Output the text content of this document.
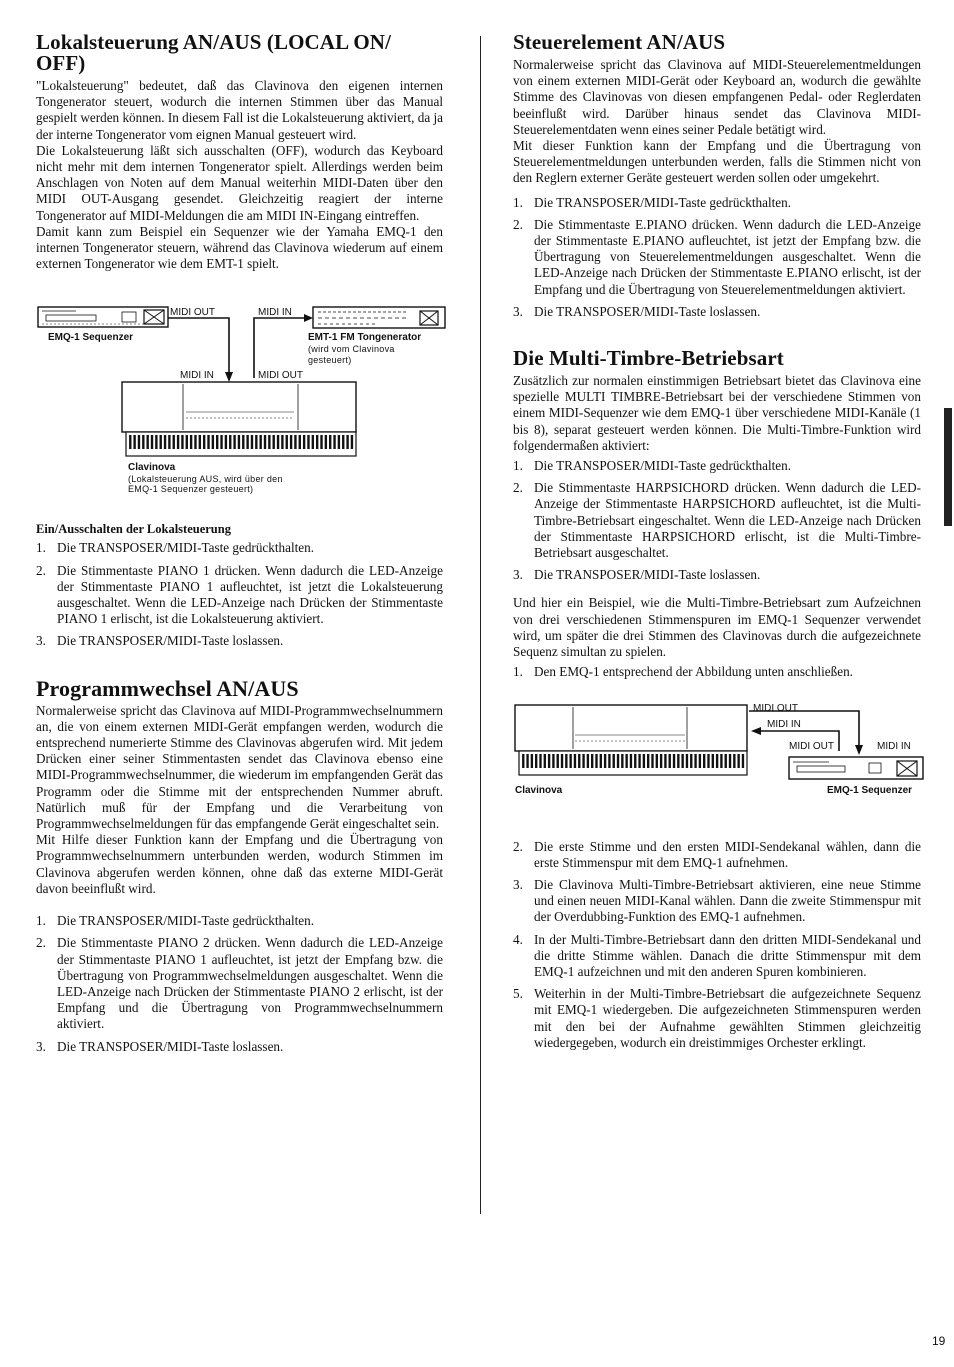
Lokalsteuerung AN/AUS (LOCAL ON/ OFF)

"Lokalsteuerung" bedeutet, daß das Clavinova den eigenen internen Tongenerator steuert, wodurch die internen Stimmen über das Manual gespielt werden können. In diesem Fall ist die Lokalsteuerung aktiviert, da ja der interne Tongenerator vom eignen Manual gesteuert wird.

Die Lokalsteuerung läßt sich ausschalten (OFF), wodurch das Keyboard nicht mehr mit dem internen Tongenerator spielt. Allerdings werden beim Anschlagen von Noten auf dem Manual weiterhin MIDI-Daten über den MIDI OUT-Ausgang gesendet. Gleichzeitig reagiert der interne Tongenerator auf MIDI-Meldungen die am MIDI IN-Eingang eintreffen.

Damit kann zum Beispiel ein Sequenzer wie der Yamaha EMQ-1 den internen Tongenerator steuern, während das Clavinova wiederum auf einem externen Tongenerator wie dem EMT-1 spielt.

MIDI OUT	MIDI IN
EMQ-1 Sequenzer	EMT-1 FM Tongenerator
(wird vom Clavinova
gesteuert)
MIDI IN	MIDI OUT
Clavinova
(Lokalsteuerung AUS, wird über den
EMQ-1 Sequenzer gesteuert)
Ein/Ausschalten der Lokalsteuerung
1. Die TRANSPOSER/MIDI-Taste gedrückthalten.
2. Die Stimmentaste PIANO 1 drücken. Wenn dadurch die LED-Anzeige der Stimmentaste PIANO 1 aufleuchtet, ist jetzt die Lokalsteuerung ausgeschaltet. Wenn die LED-Anzeige nach Drücken der Stimmentaste PIANO 1 erlischt, ist die Lokalsteuerung aktiviert.
3. Die TRANSPOSER/MIDI-Taste loslassen.
Programmwechsel AN/AUS

Normalerweise spricht das Clavinova auf MIDI-Programmwechselnummern an, die von einem externen MIDI-Gerät empfangen werden, wodurch die entsprechend numerierte Stimme des Clavinovas abgerufen wird. Mit jedem Drücken einer seiner Stimmentasten sendet das Clavinova ebenso eine MIDI-Programmwechselnummer, die wiederum im empfangenden Gerät das Programm oder die Stimme mit der entsprechenden Nummer abruft. Natürlich muß für der Empfang und die Verarbeitung von Programmwechselmeldungen für das empfangende Gerät eingeschaltet sein.

Mit Hilfe dieser Funktion kann der Empfang und die Übertragung von Programmwechselnummern unterbunden werden, wodurch Stimmen im Clavinova abgerufen werden können, ohne daß das externe MIDI-Gerät davon beeinflußt wird.

1. Die TRANSPOSER/MIDI-Taste gedrückthalten.
2. Die Stimmentaste PIANO 2 drücken. Wenn dadurch die LED-Anzeige der Stimmentaste PIANO 1 aufleuchtet, ist jetzt der Empfang bzw. die Übertragung von Programmwechselmeldungen ausgeschaltet. Wenn die LED-Anzeige nach Drücken der Stimmentaste PIANO 2 erlischt, ist der Empfang und die Übertragung von Programmwechselnummern aktiviert.
3. Die TRANSPOSER/MIDI-Taste loslassen.
Steuerelement AN/AUS

Normalerweise spricht das Clavinova auf MIDI-Steuerelementmeldungen von einem externen MIDI-Gerät oder Keyboard an, wodurch die gewählte Stimme des Clavinovas von diesen empfangenen Pedal- oder Reglerdaten beeinflußt wird. Darüber hinaus sendet das Clavinova MIDI-Steuerelementdaten wenn eines seiner Pedale betätigt wird.

Mit dieser Funktion kann der Empfang und die Übertragung von Steuerelementmeldungen unterbunden werden, falls die Stimmen nicht von den Reglern externer Geräte gesteuert werden sollen oder umgekehrt.

1. Die TRANSPOSER/MIDI-Taste gedrückthalten.
2. Die Stimmentaste E.PIANO drücken. Wenn dadurch die LED-Anzeige der Stimmentaste E.PIANO aufleuchtet, ist jetzt der Empfang bzw. die Übertragung von Steuerelementmeldungen ausgeschaltet. Wenn die LED-Anzeige nach Drücken der Stimmentaste E.PIANO erlischt, ist der Empfang und die Übertragung von Steuerelementmeldungen aktiviert.
3. Die TRANSPOSER/MIDI-Taste loslassen.
Die Multi-Timbre-Betriebsart

Zusätzlich zur normalen einstimmigen Betriebsart bietet das Clavinova eine spezielle MULTI TIMBRE-Betriebsart bei der verschiedene Stimmen von einem MIDI-Sequenzer wie dem EMQ-1 über verschiedene MIDI-Kanäle (1 bis 8), separat gesteuert werden können. Die Multi-Timbre-Funktion wird folgendermaßen aktiviert:

1. Die TRANSPOSER/MIDI-Taste gedrückthalten.
2. Die Stimmentaste HARPSICHORD drücken. Wenn dadurch die LED-Anzeige der Stimmentaste HARPSICHORD aufleuchtet, ist die Multi-Timbre-Betriebsart eingeschaltet. Wenn die LED-Anzeige nach Drücken der Stimmentaste HARPSICHORD erlischt, ist die Multi-Timbre-Betriebsart ausgeschaltet.
3. Die TRANSPOSER/MIDI-Taste loslassen.

Und hier ein Beispiel, wie die Multi-Timbre-Betriebsart zum Aufzeichnen von drei verschiedenen Stimmenspuren im EMQ-1 Sequenzer verwendet wird, um später die drei Stimmen des Clavinovas durch die aufgezeichnete Sequenz simultan zu spielen.

1. Den EMQ-1 entsprechend der Abbildung unten anschließen.
MIDI OUT
MIDI IN
MIDI OUT	MIDI IN
Clavinova	EMQ-1 Sequenzer
2. Die erste Stimme und den ersten MIDI-Sendekanal wählen, dann die erste Stimmenspur mit dem EMQ-1 aufnehmen.
3. Die Clavinova Multi-Timbre-Betriebsart aktivieren, eine neue Stimme und einen neuen MIDI-Kanal wählen. Dann die zweite Stimmenspur mit der Overdubbing-Funktion des EMQ-1 aufnehmen.
4. In der Multi-Timbre-Betriebsart dann den dritten MIDI-Sendekanal und die dritte Stimme wählen. Danach die dritte Stimmenspur mit dem EMQ-1 aufzeichnen und mit den anderen Spuren kombinieren.
5. Weiterhin in der Multi-Timbre-Betriebsart die aufgezeichnete Sequenz mit EMQ-1 wiedergeben. Die aufgezeichneten Stimmenspuren werden mit den bei der Aufnahme gewählten Stimmen gleichzeitig wiedergegeben, wodurch ein dreistimmiges Orchester erklingt.
19
